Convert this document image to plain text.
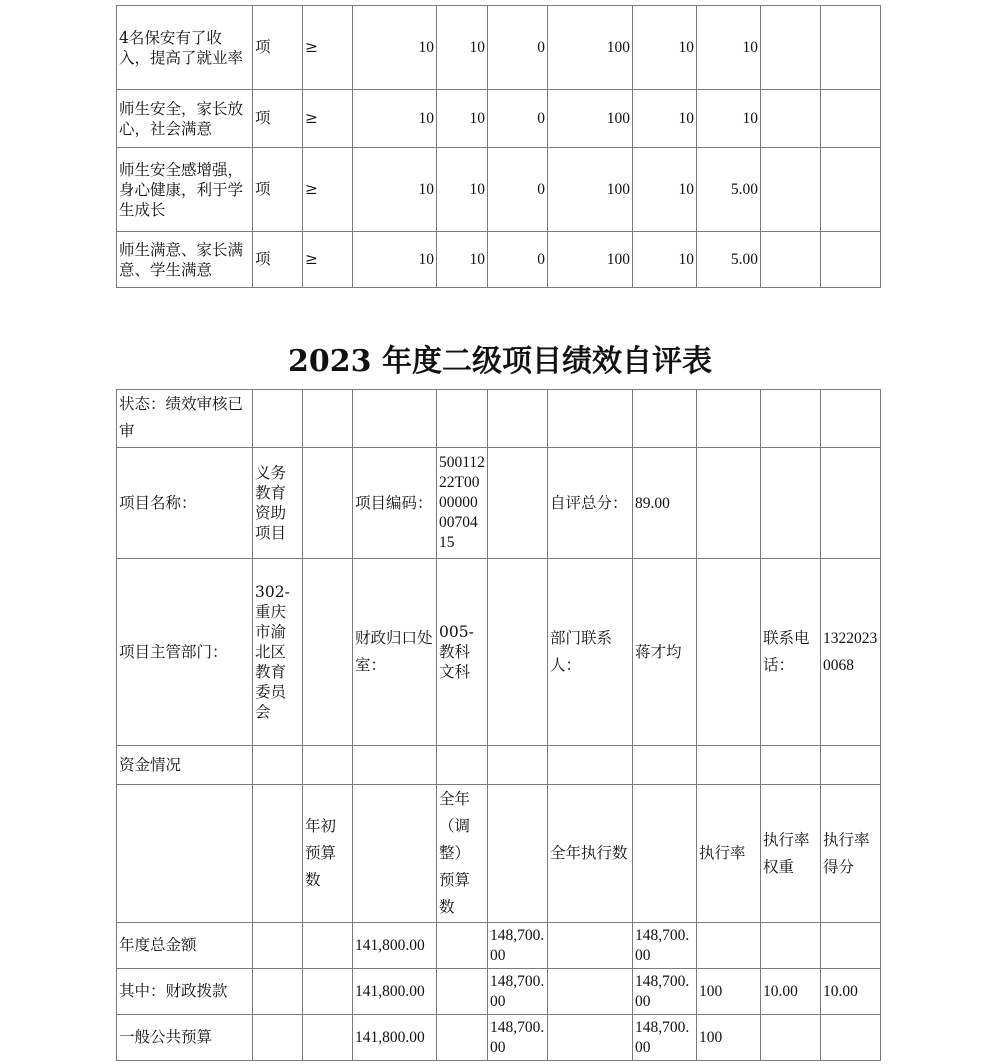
4名保安有了收入，提高了就业率	项	≥	10	10	0	100	10	10		
师生安全，家长放心，社会满意	项	≥	10	10	0	100	10	10		
师生安全感增强，身心健康，利于学生成长	项	≥	10	10	0	100	10	5.00		
师生满意、家长满意、学生满意	项	≥	10	10	0	100	10	5.00		
2023 年度二级项目绩效自评表
状态：绩效审核已审										
项目名称：	义务教育资助项目		项目编码：	50011222T00000000070415		自评总分：	89.00			
项目主管部门：	302-重庆市渝北区教育委员会		财政归口处室：	005-教科文科		部门联系人：	蒋才均		联系电话：	13220230068
资金情况										
		年初预算数		全年（调整）预算数		全年执行数		执行率	执行率权重	执行率得分
年度总金额			141,800.00		148,700.00		148,700.00			
其中：财政拨款			141,800.00		148,700.00		148,700.00	100	10.00	10.00
一般公共预算			141,800.00		148,700.00		148,700.00	100		
